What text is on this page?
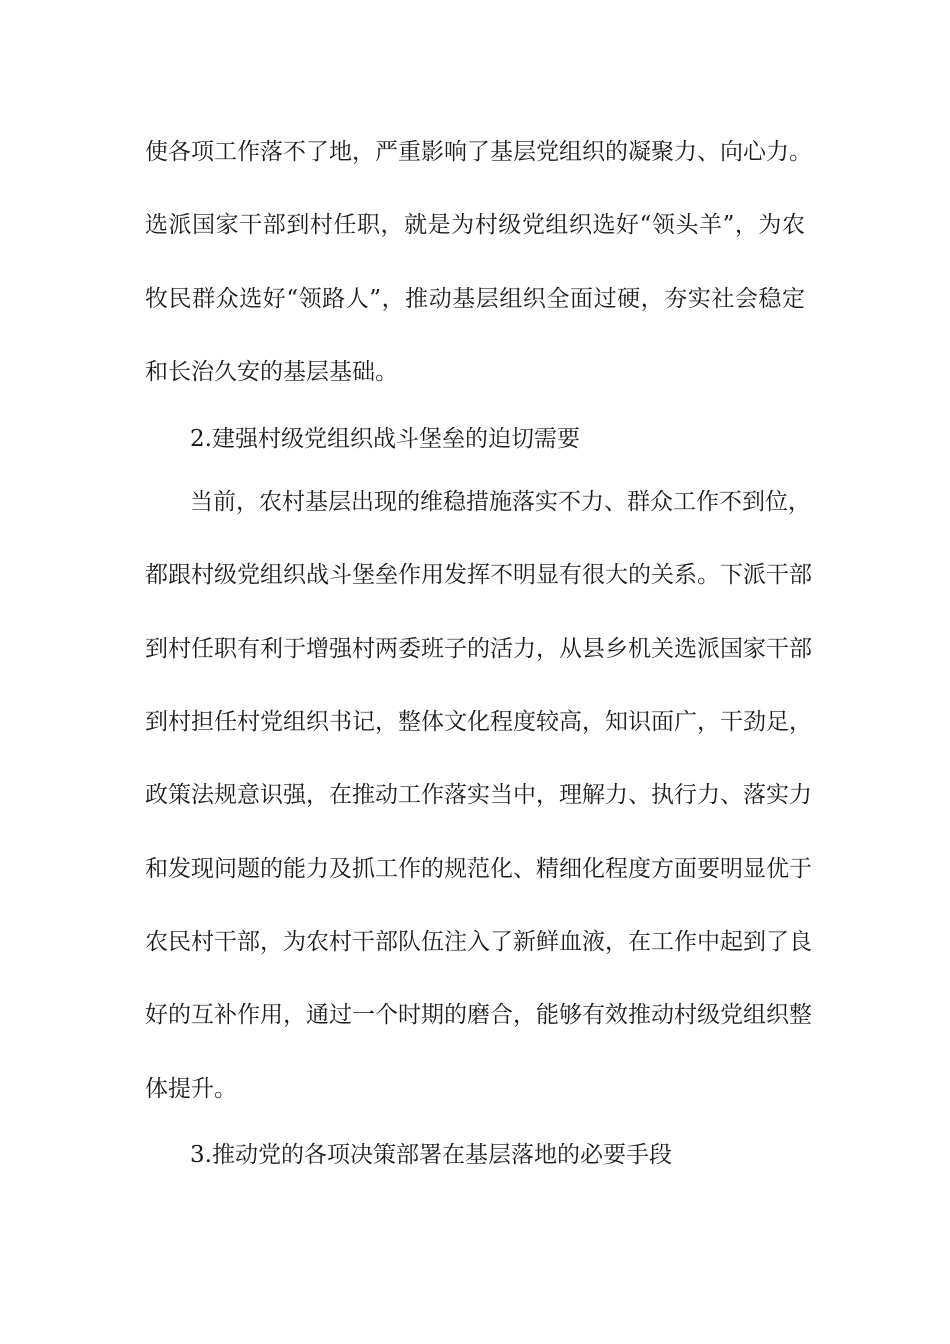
使各项工作落不了地，严重影响了基层党组织的凝聚力、向心力。
选派国家干部到村任职，就是为村级党组织选好“领头羊”，为农
牧民群众选好“领路人”，推动基层组织全面过硬，夯实社会稳定
和长治久安的基层基础。
2.建强村级党组织战斗堡垒的迫切需要
当前，农村基层出现的维稳措施落实不力、群众工作不到位，
都跟村级党组织战斗堡垒作用发挥不明显有很大的关系。下派干部
到村任职有利于增强村两委班子的活力，从县乡机关选派国家干部
到村担任村党组织书记，整体文化程度较高，知识面广，干劲足，
政策法规意识强，在推动工作落实当中，理解力、执行力、落实力
和发现问题的能力及抓工作的规范化、精细化程度方面要明显优于
农民村干部，为农村干部队伍注入了新鲜血液，在工作中起到了良
好的互补作用，通过一个时期的磨合，能够有效推动村级党组织整
体提升。
3.推动党的各项决策部署在基层落地的必要手段
